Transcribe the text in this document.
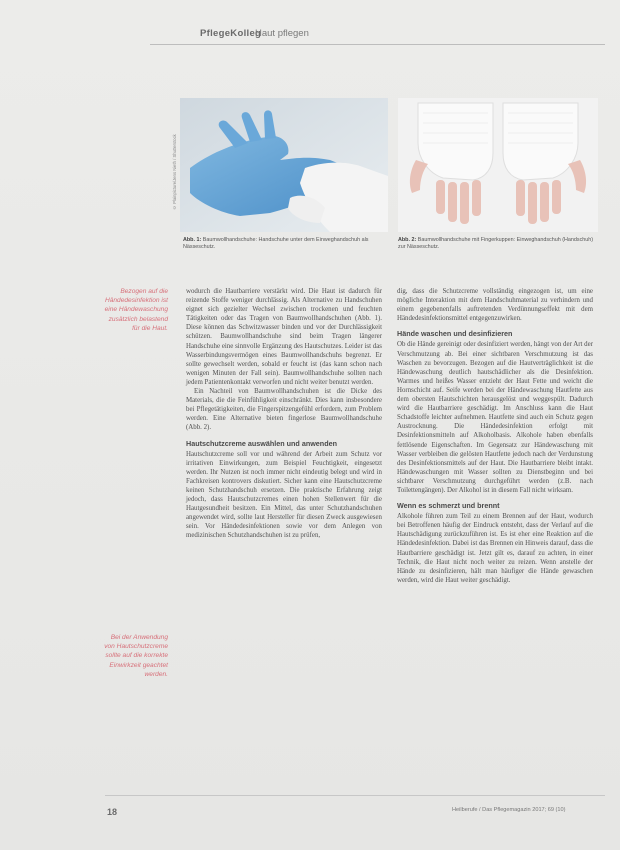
PflegeKolleg
Haut pflegen
© Plainpicture/Jens Nieth / Shutterstock
Abb. 1: Baumwollhandschuhe: Handschuhe unter dem Einweghandschuh als Nässeschutz.
Abb. 2: Baumwollhandschuhe mit Fingerkuppen: Einweghandschuh (Handschuh) zur Nässeschutz.
Bezogen auf die Händedesinfektion ist eine Händewaschung zusätzlich belastend für die Haut.
Bei der Anwendung von Hautschutzcreme sollte auf die korrekte Einwirkzeit geachtet werden.

wodurch die Hautbarriere verstärkt wird. Die Haut ist dadurch für reizende Stoffe weniger durchlässig. Als Alternative zu Handschuhen eignet sich gezielter Wechsel zwischen trockenen und feuchten Tätigkeiten oder das Tragen von Baumwollhandschuhen (Abb. 1). Diese können das Schwitzwasser binden und vor der Durchlässigkeit schützen. Baumwollhandschuhe sind beim Tragen längerer Handschuhe eine sinnvolle Ergänzung des Hautschutzes. Leider ist das Wasserbindungsvermögen eines Baumwollhandschuhs begrenzt. Er sollte gewechselt werden, sobald er feucht ist (das kann schon nach wenigen Minuten der Fall sein). Baumwollhandschuhe sollten nach jedem Patientenkontakt verworfen und nicht weiter benutzt werden.

Ein Nachteil von Baumwollhandschuhen ist die Dicke des Materials, die die Feinfühligkeit einschränkt. Dies kann insbesondere bei Pflegetätigkeiten, die Fingerspitzengefühl erfordern, zum Problem werden. Eine Alternative bieten fingerlose Baumwollhandschuhe (Abb. 2).

Hautschutzcreme auswählen und anwenden

Hautschutzcreme soll vor und während der Arbeit zum Schutz vor irritativen Einwirkungen, zum Beispiel Feuchtigkeit, eingesetzt werden. Ihr Nutzen ist noch immer nicht eindeutig belegt und wird in Fachkreisen kontrovers diskutiert. Sicher kann eine Hautschutzcreme keinen Schutzhandschuh ersetzen. Die praktische Erfahrung zeigt jedoch, dass Hautschutzcremes einen hohen Stellenwert für die Hautgesundheit besitzen. Ein Mittel, das unter Schutzhandschuhen angewendet wird, sollte laut Hersteller für diesen Zweck ausgewiesen sein. Vor Händedesinfektionen sowie vor dem Anlegen von medizinischen Schutzhandschuhen ist zu prüfen,

dig, dass die Schutzcreme vollständig eingezogen ist, um eine mögliche Interaktion mit dem Handschuhmaterial zu verhindern und einem gegebenenfalls auftretenden Verdünnungseffekt mit dem Händedesinfektionsmittel entgegenzuwirken.

Hände waschen und desinfizieren

Ob die Hände gereinigt oder desinfiziert werden, hängt von der Art der Verschmutzung ab. Bei einer sichtbaren Verschmutzung ist das Waschen zu bevorzugen. Bezogen auf die Hautverträglichkeit ist die Händewaschung deutlich hautschädlicher als die Desinfektion. Warmes und heißes Wasser entzieht der Haut Fette und weicht die Hornschicht auf. Seife werden bei der Händewaschung Hautfette aus dem obersten Hautschichten herausgelöst und weggespült. Dadurch wird die Hautbarriere geschädigt. Im Anschluss kann die Haut Schadstoffe leichter aufnehmen. Hautfette sind auch ein Schutz gegen Austrocknung. Die Händedesinfektion erfolgt mit Desinfektionsmitteln auf Alkoholbasis. Alkohole haben ebenfalls fettlösende Eigenschaften. Im Gegensatz zur Händewaschung mit Wasser verbleiben die gelösten Hautfette jedoch nach der Verdunstung des Desinfektionsmittels auf der Haut. Die Hautbarriere bleibt intakt. Händewaschungen mit Wasser sollten zu Dienstbeginn und bei sichtbarer Verschmutzung durchgeführt werden (z.B. nach Toilettengängen). Der Alkohol ist in diesem Fall nicht wirksam.

Wenn es schmerzt und brennt

Alkohole führen zum Teil zu einem Brennen auf der Haut, wodurch bei Betroffenen häufig der Eindruck entsteht, dass der Verlauf auf die Hautschädigung zurückzuführen ist. Es ist eher eine Reaktion auf die Händedesinfektion. Dabei ist das Brennen ein Hinweis darauf, dass die Hautbarriere geschädigt ist. Jetzt gilt es, darauf zu achten, in einer Technik, die Haut nicht noch weiter zu reizen. Wenn anstelle der Hände zu desinfizieren, hält man häufiger die Hände gewaschen werden, wird die Haut weiter geschädigt.

18	Heilberufe / Das Pflegemagazin 2017; 69 (10)
